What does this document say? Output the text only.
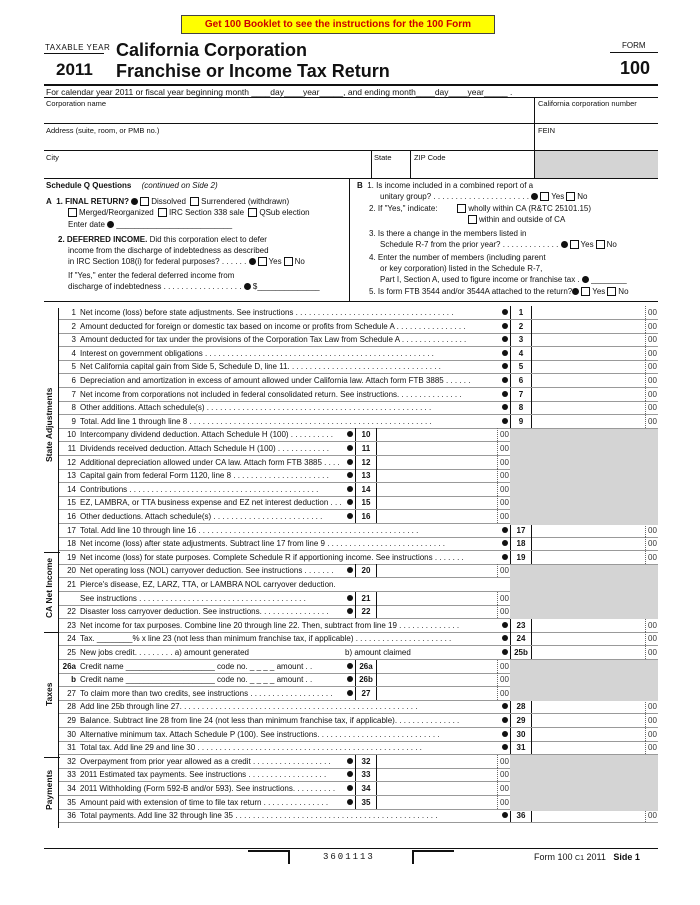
Get 100 Booklet to see the instructions for the 100 Form
TAXABLE YEAR
2011
California Corporation
Franchise or Income Tax Return
FORM
100
For calendar year 2011 or fiscal year beginning month ____day____year_____, and ending month____day____year_____ .
Corporation name	California corporation number
Address (suite, room, or PMB no.)	FEIN
City	State	ZIP Code
Schedule Q Questions (continued on Side 2)
A 1. FINAL RETURN?	Dissolved Surrendered (withdrawn)
Merged/Reorganized IRC Section 338 sale QSub election
Enter date  __________________________
2. DEFERRED INCOME. Did this corporation elect to defer
income from the discharge of indebtedness as described
in IRC Section 108(i) for federal purposes? . . . . . .	Yes No
If "Yes," enter the federal deferred income from
discharge of indebtedness . . . . . . . . . . . . . . . . . .  $______________
B 1. Is income included in a combined report of a
unitary group? . . . . . . . . . . . . . . . . . . . . . .	Yes No
2. If "Yes," indicate:	wholly within CA (R&TC 25101.15)
within and outside of CA
3. Is there a change in the members listed in
Schedule R-7 from the prior year? . . . . . . . . . . . . .	Yes No
4. Enter the number of members (including parent
or key corporation) listed in the Schedule R-7,
Part I, Section A, used to figure income or franchise tax .  ________
5. Is form FTB 3544 and/or 3544A attached to the return?	Yes No
State Adjustments
CA Net Income
Taxes
Payments
1 Net income (loss) before state adjustments. See instructions . . . . . . . . . . . . . . . . . . . . . . . . . . . . . . . . . . . .	1	00
2 Amount deducted for foreign or domestic tax based on income or profits from Schedule A . . . . . . . . . . . . . . . .	2	00
3 Amount deducted for tax under the provisions of the Corporation Tax Law from Schedule A . . . . . . . . . . . . . . .	3	00
4 Interest on government obligations . . . . . . . . . . . . . . . . . . . . . . . . . . . . . . . . . . . . . . . . . . . . . . . . . . . .	4	00
5 Net California capital gain from Side 5, Schedule D, line 11. . . . . . . . . . . . . . . . . . . . . . . . . . . . . . . . . . .	5	00
6 Depreciation and amortization in excess of amount allowed under California law. Attach form FTB 3885 . . . . . .	6	00
7 Net income from corporations not included in federal consolidated return. See instructions. . . . . . . . . . . . . . .	7	00
8 Other additions. Attach schedule(s) . . . . . . . . . . . . . . . . . . . . . . . . . . . . . . . . . . . . . . . . . . . . . . . . . . .	8	00
9 Total. Add line 1 through line 8 . . . . . . . . . . . . . . . . . . . . . . . . . . . . . . . . . . . . . . . . . . . . . . . . . . . . . . .	9	00
10 Intercompany dividend deduction. Attach Schedule H (100) . . . . . . . . . .	10	00
11 Dividends received deduction. Attach Schedule H (100) . . . . . . . . . . . .	11	00
12 Additional depreciation allowed under CA law. Attach form FTB 3885 . . . .	12	00
13 Capital gain from federal Form 1120, line 8 . . . . . . . . . . . . . . . . . . . . . .	13	00
14 Contributions . . . . . . . . . . . . . . . . . . . . . . . . . . . . . . . . . . . . . . . . . . .	14	00
15 EZ, LAMBRA, or TTA business expense and EZ net interest deduction . . .	15	00
16 Other deductions. Attach schedule(s) . . . . . . . . . . . . . . . . . . . . . . . . .	16	00
17 Total. Add line 10 through line 16 . . . . . . . . . . . . . . . . . . . . . . . . . . . . . . . . . . . . . . . . . . . . . . . . . .	17	00
18 Net income (loss) after state adjustments. Subtract line 17 from line 9 . . . . . . . . . . . . . . . . . . . . . . . . . . .	18	00
19 Net income (loss) for state purposes. Complete Schedule R if apportioning income. See instructions . . . . . . .	19	00
20 Net operating loss (NOL) carryover deduction. See instructions . . . . . . .	20	00
21 Pierce's disease, EZ, LARZ, TTA, or LAMBRA NOL carryover deduction.
See instructions . . . . . . . . . . . . . . . . . . . . . . . . . . . . . . . . . . . . . .	21	00
22 Disaster loss carryover deduction. See instructions. . . . . . . . . . . . . . . .	22	00
23 Net income for tax purposes. Combine line 20 through line 22. Then, subtract from line 19 . . . . . . . . . . . . . .	23	00
24 Tax. ________% x line 23 (not less than minimum franchise tax, if applicable) . . . . . . . . . . . . . . . . . . . . . .	24	00
25 New jobs credit. . . . . . . . . a) amount generated	b) amount claimed	25b	00
26a Credit name ____________________ code no. _ _ _ _ amount . .	26a	00
b Credit name ____________________ code no. _ _ _ _ amount . .	26b	00
27 To claim more than two credits, see instructions . . . . . . . . . . . . . . . . . . .	27	00
28 Add line 25b through line 27. . . . . . . . . . . . . . . . . . . . . . . . . . . . . . . . . . . . . . . . . . . . . . . . . . . . . .	28	00
29 Balance. Subtract line 28 from line 24 (not less than minimum franchise tax, if applicable). . . . . . . . . . . . . . .	29	00
30 Alternative minimum tax. Attach Schedule P (100). See instructions. . . . . . . . . . . . . . . . . . . . . . . . . . . .	30	00
31 Total tax. Add line 29 and line 30 . . . . . . . . . . . . . . . . . . . . . . . . . . . . . . . . . . . . . . . . . . . . . . . . . . .	31	00
32 Overpayment from prior year allowed as a credit . . . . . . . . . . . . . . . . . .	32	00
33 2011 Estimated tax payments. See instructions . . . . . . . . . . . . . . . . . .	33	00
34 2011 Withholding (Form 592-B and/or 593). See instructions. . . . . . . . . .	34	00
35 Amount paid with extension of time to file tax return . . . . . . . . . . . . . . .	35	00
36 Total payments. Add line 32 through line 35 . . . . . . . . . . . . . . . . . . . . . . . . . . . . . . . . . . . . . . . . . . . . . .	36	00
3601113	Form 100 C1 2011 Side 1
